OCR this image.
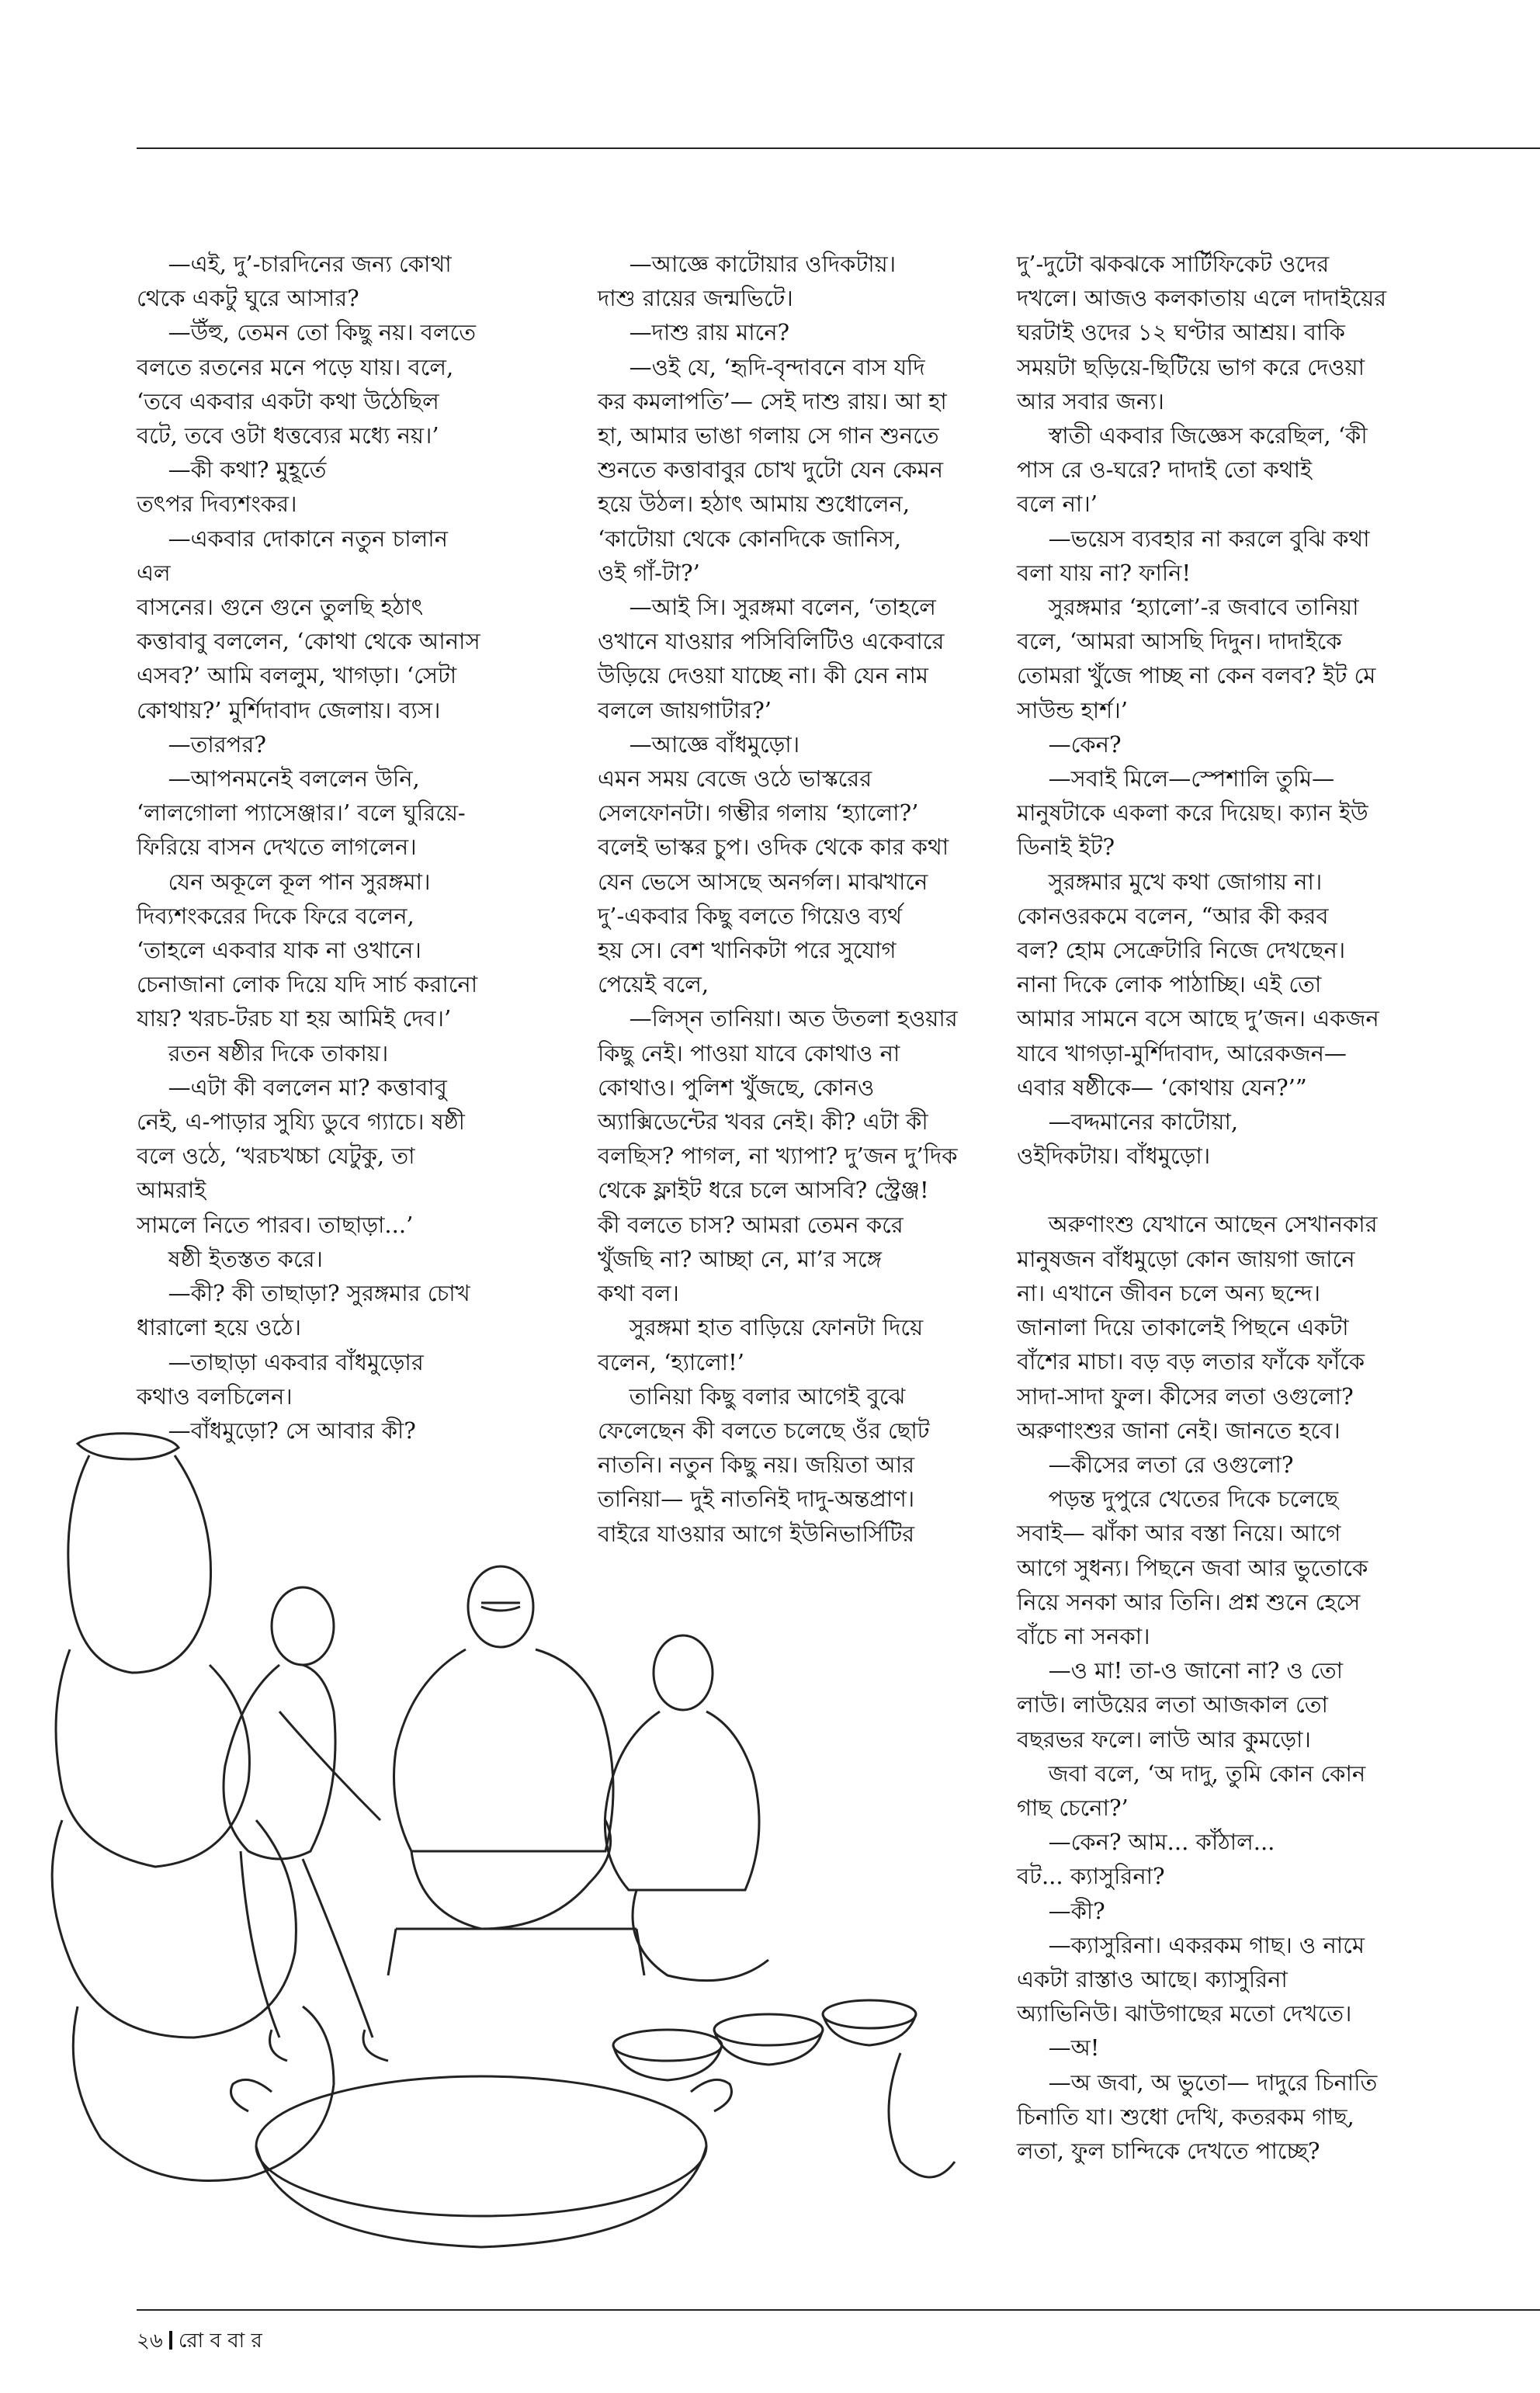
—এই, দু’-চারদিনের জন্য কোথা
থেকে একটু ঘুরে আসার?

—উঁহু, তেমন তো কিছু নয়। বলতে
বলতে রতনের মনে পড়ে যায়। বলে,
‘তবে একবার একটা কথা উঠেছিল
বটে, তবে ওটা ধত্তব্যের মধ্যে নয়।’

—কী কথা? মুহূর্তে
তৎপর দিব্যশংকর।

—একবার দোকানে নতুন চালান এল
বাসনের। গুনে গুনে তুলছি হঠাৎ
কত্তাবাবু বললেন, ‘কোথা থেকে আনাস
এসব?’ আমি বললুম, খাগড়া। ‘সেটা
কোথায়?’ মুর্শিদাবাদ জেলায়। ব্যস।

—তারপর?

—আপনমনেই বললেন উনি,
‘লালগোলা প্যাসেঞ্জার।’ বলে ঘুরিয়ে-
ফিরিয়ে বাসন দেখতে লাগলেন।

যেন অকূলে কূল পান সুরঙ্গমা।
দিব্যশংকরের দিকে ফিরে বলেন,
‘তাহলে একবার যাক না ওখানে।
চেনাজানা লোক দিয়ে যদি সার্চ করানো
যায়? খরচ-টরচ যা হয় আমিই দেব।’

রতন ষষ্ঠীর দিকে তাকায়।

—এটা কী বললেন মা? কত্তাবাবু
নেই, এ-পাড়ার সুয্যি ডুবে গ্যাচে। ষষ্ঠী
বলে ওঠে, ‘খরচখচ্চা যেটুকু, তা আমরাই
সামলে নিতে পারব। তাছাড়া...’

ষষ্ঠী ইতস্তত করে।

—কী? কী তাছাড়া? সুরঙ্গমার চোখ
ধারালো হয়ে ওঠে।

—তাছাড়া একবার বাঁধমুড়োর
কথাও বলচিলেন।

—বাঁধমুড়ো? সে আবার কী?

—আজ্ঞে কাটোয়ার ওদিকটায়।
দাশু রায়ের জন্মভিটে।

—দাশু রায় মানে?

—ওই যে, ‘হৃদি-বৃন্দাবনে বাস যদি
কর কমলাপতি’— সেই দাশু রায়। আ হা
হা, আমার ভাঙা গলায় সে গান শুনতে
শুনতে কত্তাবাবুর চোখ দুটো যেন কেমন
হয়ে উঠল। হঠাৎ আমায় শুধোলেন,
‘কাটোয়া থেকে কোনদিকে জানিস,
ওই গাঁ-টা?’

—আই সি। সুরঙ্গমা বলেন, ‘তাহলে
ওখানে যাওয়ার পসিবিলিটিও একেবারে
উড়িয়ে দেওয়া যাচ্ছে না। কী যেন নাম
বললে জায়গাটার?’

—আজ্ঞে বাঁধমুড়ো।

এমন সময় বেজে ওঠে ভাস্করের
সেলফোনটা। গম্ভীর গলায় ‘হ্যালো?’
বলেই ভাস্কর চুপ। ওদিক থেকে কার কথা
যেন ভেসে আসছে অনর্গল। মাঝখানে
দু’-একবার কিছু বলতে গিয়েও ব্যর্থ
হয় সে। বেশ খানিকটা পরে সুযোগ
পেয়েই বলে,

—লিস্‌ন তানিয়া। অত উতলা হওয়ার
কিছু নেই। পাওয়া যাবে কোথাও না
কোথাও। পুলিশ খুঁজছে, কোনও
অ্যাক্সিডেন্টের খবর নেই। কী? এটা কী
বলছিস? পাগল, না খ্যাপা? দু’জন দু’দিক
থেকে ফ্লাইট ধরে চলে আসবি? স্ট্রেঞ্জ!
কী বলতে চাস? আমরা তেমন করে
খুঁজছি না? আচ্ছা নে, মা’র সঙ্গে
কথা বল।

সুরঙ্গমা হাত বাড়িয়ে ফোনটা দিয়ে
বলেন, ‘হ্যালো!’

তানিয়া কিছু বলার আগেই বুঝে
ফেলেছেন কী বলতে চলেছে ওঁর ছোট
নাতনি। নতুন কিছু নয়। জয়িতা আর
তানিয়া— দুই নাতনিই দাদু-অন্তপ্রাণ।
বাইরে যাওয়ার আগে ইউনিভার্সিটির

দু’-দুটো ঝকঝকে সার্টিফিকেট ওদের
দখলে। আজও কলকাতায় এলে দাদাইয়ের
ঘরটাই ওদের ১২ ঘণ্টার আশ্রয়। বাকি
সময়টা ছড়িয়ে-ছিটিয়ে ভাগ করে দেওয়া
আর সবার জন্য।

স্বাতী একবার জিজ্ঞেস করেছিল, ‘কী
পাস রে ও-ঘরে? দাদাই তো কথাই
বলে না।’

—ভয়েস ব্যবহার না করলে বুঝি কথা
বলা যায় না? ফানি!

সুরঙ্গমার ‘হ্যালো’-র জবাবে তানিয়া
বলে, ‘আমরা আসছি দিদুন। দাদাইকে
তোমরা খুঁজে পাচ্ছ না কেন বলব? ইট মে
সাউন্ড হার্শ।’

—কেন?

—সবাই মিলে—স্পেশালি তুমি—
মানুষটাকে একলা করে দিয়েছ। ক্যান ইউ
ডিনাই ইট?

সুরঙ্গমার মুখে কথা জোগায় না।
কোনওরকমে বলেন, “আর কী করব
বল? হোম সেক্রেটারি নিজে দেখছেন।
নানা দিকে লোক পাঠাচ্ছি। এই তো
আমার সামনে বসে আছে দু’জন। একজন
যাবে খাগড়া-মুর্শিদাবাদ, আরেকজন—
এবার ষষ্ঠীকে— ‘কোথায় যেন?’”

—বদ্দমানের কাটোয়া,
ওইদিকটায়। বাঁধমুড়ো।

অরুণাংশু যেখানে আছেন সেখানকার
মানুষজন বাঁধমুড়ো কোন জায়গা জানে
না। এখানে জীবন চলে অন্য ছন্দে।
জানালা দিয়ে তাকালেই পিছনে একটা
বাঁশের মাচা। বড় বড় লতার ফাঁকে ফাঁকে
সাদা-সাদা ফুল। কীসের লতা ওগুলো?
অরুণাংশুর জানা নেই। জানতে হবে।

—কীসের লতা রে ওগুলো?

পড়ন্ত দুপুরে খেতের দিকে চলেছে
সবাই— ঝাঁকা আর বস্তা নিয়ে। আগে
আগে সুধন্য। পিছনে জবা আর ভুতোকে
নিয়ে সনকা আর তিনি। প্রশ্ন শুনে হেসে
বাঁচে না সনকা।

—ও মা! তা-ও জানো না? ও তো
লাউ। লাউয়ের লতা আজকাল তো
বছরভর ফলে। লাউ আর কুমড়ো।

জবা বলে, ‘অ দাদু, তুমি কোন কোন
গাছ চেনো?’

—কেন? আম... কাঁঠাল...
বট... ক্যাসুরিনা?

—কী?

—ক্যাসুরিনা। একরকম গাছ। ও নামে
একটা রাস্তাও আছে। ক্যাসুরিনা
অ্যাভিনিউ। ঝাউগাছের মতো দেখতে।

—অ!

—অ জবা, অ ভুতো— দাদুরে চিনাতি
চিনাতি যা। শুধো দেখি, কতরকম গাছ,
লতা, ফুল চান্দিকে দেখতে পাচ্ছে?

২৬ রো ব বা র
